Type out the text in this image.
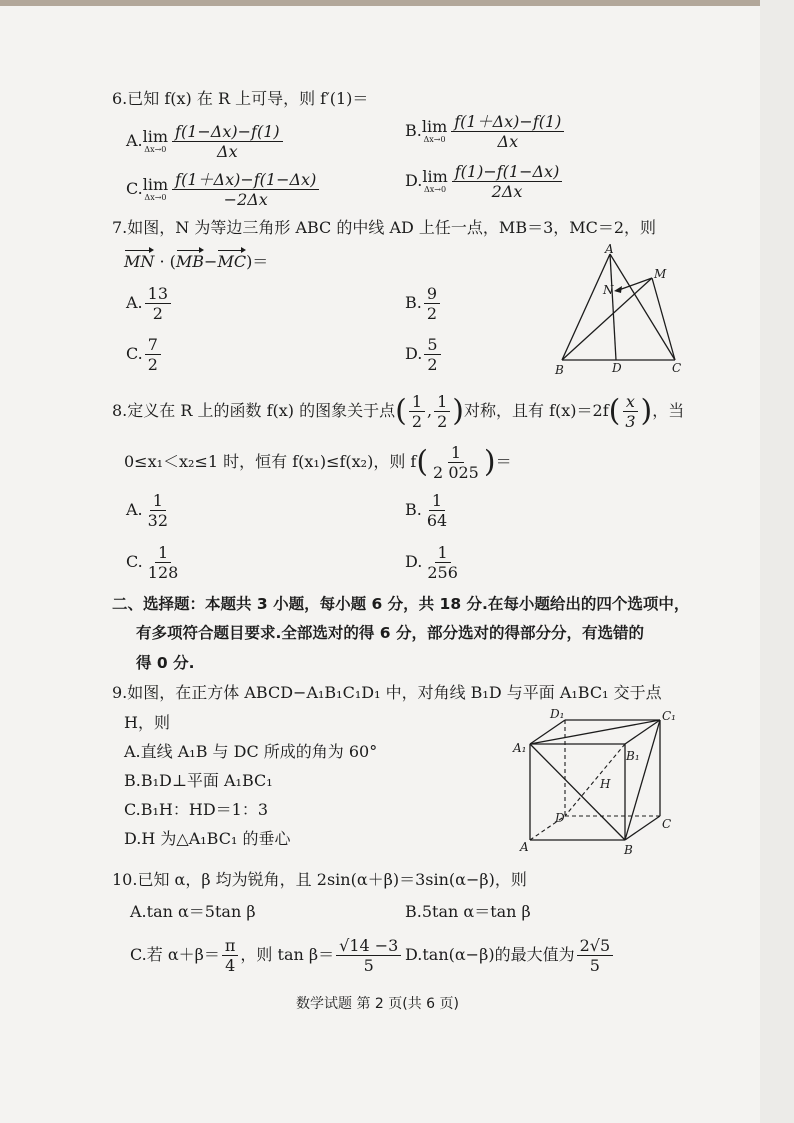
6.已知 f(x) 在 R 上可导，则 f′(1)＝
A. lim
$\Delta x\to 0 \frac{f(1-\Delta x)-f(1)}{\Delta x}$	B. lim
$\Delta x\to 0 \frac{f(1+\Delta x)-f(1)}{\Delta x}$
C. lim
$\Delta x\to 0 \frac{f(1+\Delta x)-f(1-\Delta x)}{-2\Delta x}$	D. lim
$\Delta x\to 0 \frac{f(1)-f(1-\Delta x)}{2\Delta x}$
7.如图，N 为等边三角形 ABC 的中线 AD 上任一点，MB＝3，MC＝2，则
MN · (MB−MC)＝
A. $\frac{13}{2}$	B. $\frac{9}{2}$
C. $\frac{7}{2}$	D. $\frac{5}{2}$
A
M
N
B	D	C
8.定义在 R 上的函数 f(x) 的图象关于点( $\frac{1}{2}$ , $\frac{1}{2}$ )对称，且有 $f(x)=2f( \frac{x}{3}$ )，当
0≤x₁＜x₂≤1 时，恒有 f(x₁)≤f(x₂)，则 $f( \frac{1}{2 025}$ )＝
A. $\frac{1}{32}$	B. $\frac{1}{64}$
C. $\frac{1}{128}$	D. $\frac{1}{256}$
二、选择题：本题共 3 小题，每小题 6 分，共 18 分.在每小题给出的四个选项中，
有多项符合题目要求.全部选对的得 6 分，部分选对的得部分分，有选错的
得 0 分.
9.如图，在正方体 ABCD−A₁B₁C₁D₁ 中，对角线 B₁D 与平面 A₁BC₁ 交于点
H，则
A.直线 A₁B 与 DC 所成的角为 60°
B.B₁D⊥平面 A₁BC₁
C.B₁H：HD＝1：3
D.H 为△A₁BC₁ 的垂心
D₁	C₁
A₁
B₁
H
D	C
A	B
10.已知 α，β 均为锐角，且 2sin(α＋β)＝3sin(α−β)，则
A.tan α＝5tan β	B.5tan α＝tan β
C.若 $\alpha+\beta= \frac{\pi}{4}$ ，则 $\tan \beta= \frac{√14 -3}{5} D.\tan(\alpha-\beta)$的最大值为 $\frac{2√5}{5}$
数学试题 第 2 页(共 6 页)
